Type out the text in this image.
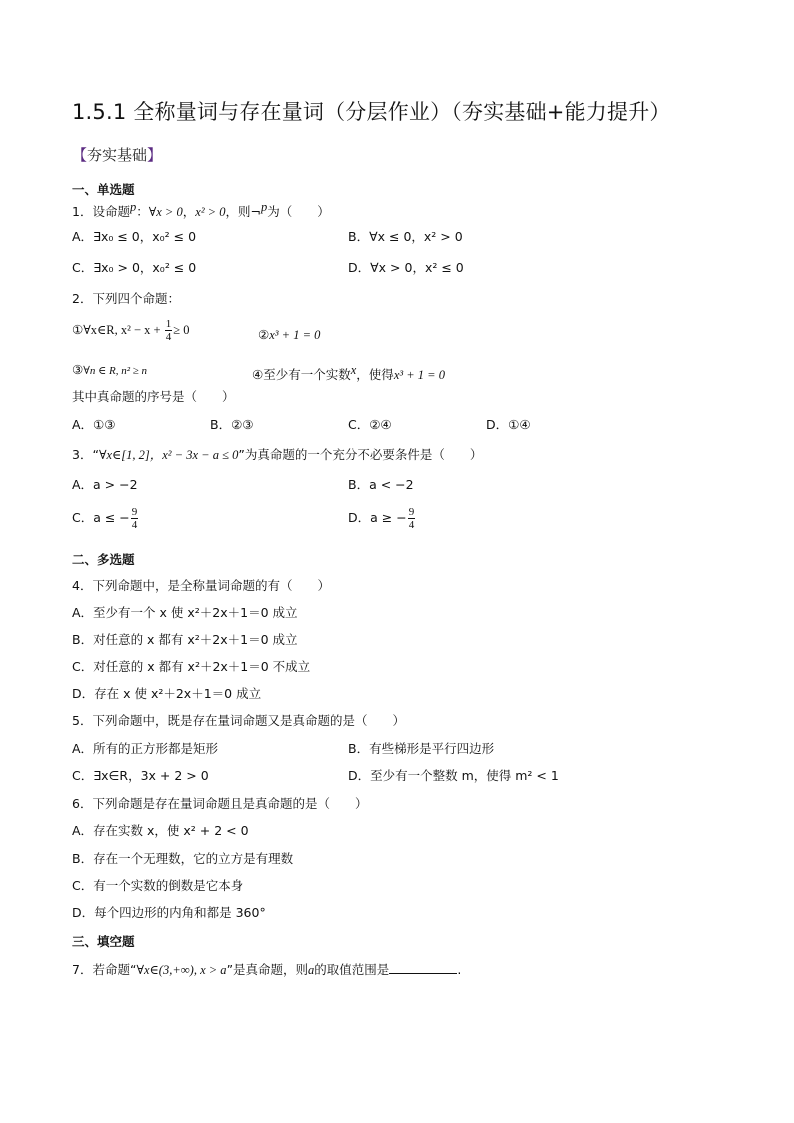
1.5.1 全称量词与存在量词（分层作业）（夯实基础+能力提升）
【夯实基础】
一、单选题
1．设命题$^p$：∀x > 0，x² > 0，则¬$^p$为（　　）
A．∃x₀ ≤ 0，x₀² ≤ 0	B．∀x ≤ 0，x² > 0
C．∃x₀ > 0，x₀² ≤ 0	D．∀x > 0，x² ≤ 0
2．下列四个命题：
①∀x∈R, $x^2 - x + \frac{1}{4} \ge 0$	②x³ + 1 = 0
③∀n ∈ R, n² ≥ n	④至少有一个实数$^x$，使得x³ + 1 = 0
其中真命题的序号是（　　）
A．①③	B．②③	C．②④	D．①④
3．“∀x∈[1, 2]，x² − 3x − a ≤ 0”为真命题的一个充分不必要条件是（　　）
A．a > −2	B．a < −2
C．a ≤ − $\frac{9}{4}$	D．a ≥ − $\frac{9}{4}$
二、多选题
4．下列命题中，是全称量词命题的有（　　）
A．至少有一个 x 使 x²＋2x＋1＝0 成立
B．对任意的 x 都有 x²＋2x＋1＝0 成立
C．对任意的 x 都有 x²＋2x＋1＝0 不成立
D．存在 x 使 x²＋2x＋1＝0 成立
5．下列命题中，既是存在量词命题又是真命题的是（　　）
A．所有的正方形都是矩形	B．有些梯形是平行四边形
C．∃x∈R，3x + 2 > 0	D．至少有一个整数 m，使得 m² < 1
6．下列命题是存在量词命题且是真命题的是（　　）
A．存在实数 x，使 x² + 2 < 0
B．存在一个无理数，它的立方是有理数
C．有一个实数的倒数是它本身
D．每个四边形的内角和都是 360°
三、填空题
7．若命题“∀x∈(3,+∞), x > a”是真命题，则a的取值范围是	.
